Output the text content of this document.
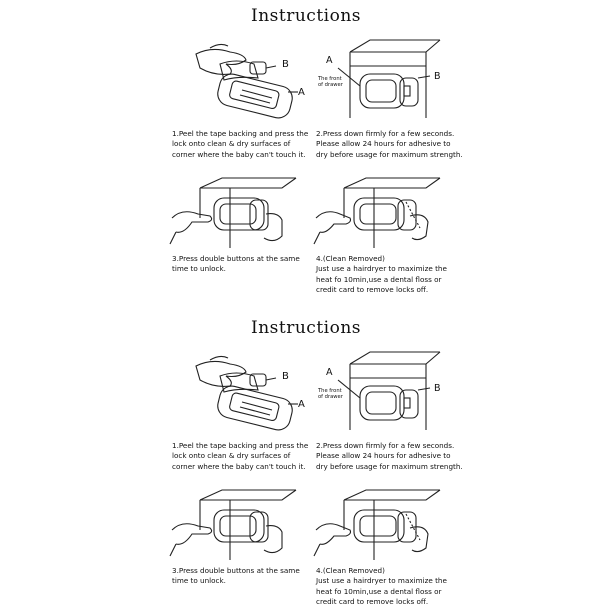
Instructions
B
A
A
The front
of drawer
B
1.Peel the tape backing and press the
lock onto clean & dry surfaces of
corner where the baby can't touch it.
2.Press down firmly for a few seconds.
Please allow 24 hours for adhesive to
dry before usage for maximum strength.
3.Press double buttons at the same
time to unlock.
4.(Clean Removed)
Just use a hairdryer to maximize the
heat fo 10min,use a dental floss or
credit card to remove locks off.
Instructions
B
A
A
The front
of drawer
B
1.Peel the tape backing and press the
lock onto clean & dry surfaces of
corner where the baby can't touch it.
2.Press down firmly for a few seconds.
Please allow 24 hours for adhesive to
dry before usage for maximum strength.
3.Press double buttons at the same
time to unlock.
4.(Clean Removed)
Just use a hairdryer to maximize the
heat fo 10min,use a dental floss or
credit card to remove locks off.
